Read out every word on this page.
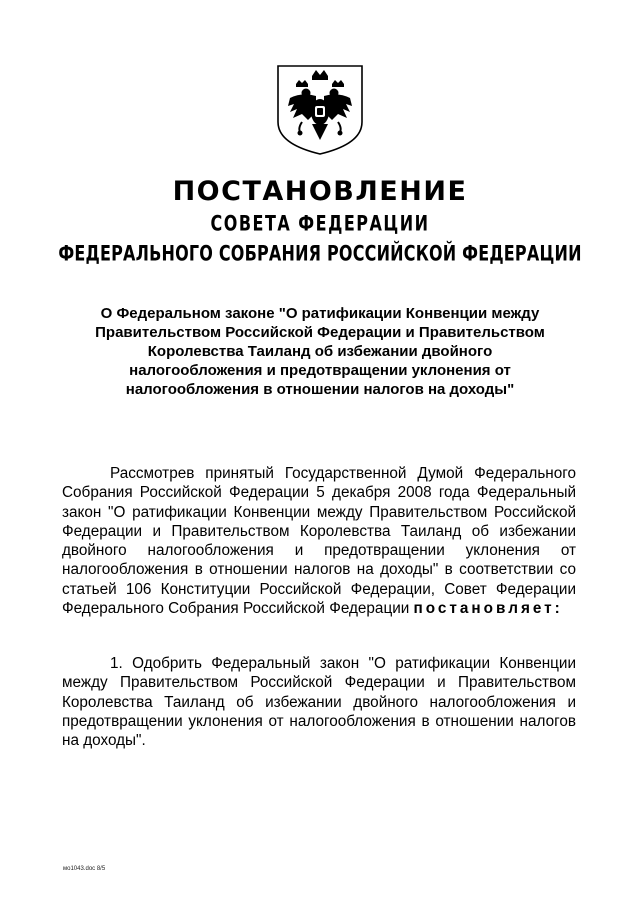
ПОСТАНОВЛЕНИЕ
СОВЕТА ФЕДЕРАЦИИ
ФЕДЕРАЛЬНОГО СОБРАНИЯ РОССИЙСКОЙ ФЕДЕРАЦИИ

О Федеральном законе "О ратификации Конвенции между Правительством Российской Федерации и Правительством Королевства Таиланд об избежании двойного налогообложения и предотвращении уклонения от налогообложения в отношении налогов на доходы"

Рассмотрев принятый Государственной Думой Федерального Собрания Российской Федерации 5 декабря 2008 года Федеральный закон "О ратификации Конвенции между Правительством Российской Федерации и Правительством Королевства Таиланд об избежании двойного налогообложения и предотвращении уклонения от налогообложения в отношении налогов на доходы" в соответствии со статьей 106 Конституции Российской Федерации, Совет Федерации Федерального Собрания Российской Федерации постановляет:

1. Одобрить Федеральный закон "О ратификации Конвенции между Правительством Российской Федерации и Правительством Королевства Таиланд об избежании двойного налогообложения и предотвращении уклонения от налогообложения в отношении налогов на доходы".

мо1043.doc 8/5
